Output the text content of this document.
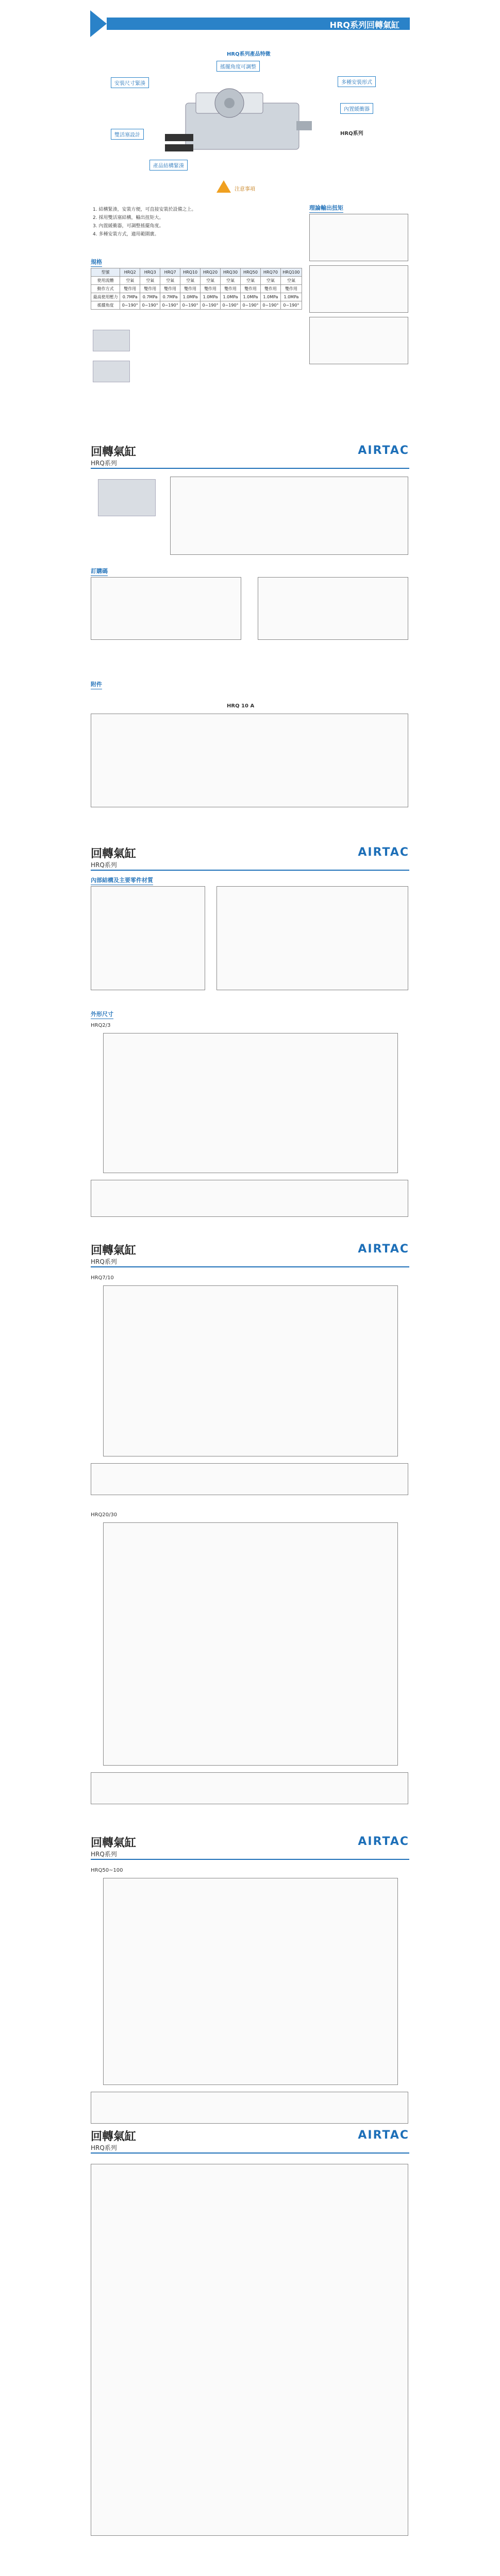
HRQ系列回轉氣缸
HRQ系列產品特徵
搖擺角度可調整
安裝尺寸緊湊	多種安裝形式
內置緩衝器
雙活塞設計
產品結構緊湊
HRQ系列
注意事項
1. 結構緊湊，安裝方便，可直接安裝於設備之上。
2. 採用雙活塞結構，輸出扭矩大。
3. 內置緩衝器，可調整搖擺角度。
4. 多種安裝方式，適用範圍廣。
理論輸出扭矩
規格
型號	HRQ2	HRQ3	HRQ7	HRQ10	HRQ20	HRQ30	HRQ50	HRQ70	HRQ100
使用流體	空氣	空氣	空氣	空氣	空氣	空氣	空氣	空氣	空氣
動作方式	雙作用	雙作用	雙作用	雙作用	雙作用	雙作用	雙作用	雙作用	雙作用
最高使用壓力	0.7MPa	0.7MPa	0.7MPa	1.0MPa	1.0MPa	1.0MPa	1.0MPa	1.0MPa	1.0MPa
搖擺角度	0~190°	0~190°	0~190°	0~190°	0~190°	0~190°	0~190°	0~190°	0~190°
回轉氣缸
HRQ系列
AIRTAC
訂購碼
附件
HRQ 10 A
回轉氣缸
HRQ系列
AIRTAC
內部結構及主要零件材質
外形尺寸
HRQ2/3
回轉氣缸
HRQ系列
AIRTAC
HRQ7/10
HRQ20/30
回轉氣缸
HRQ系列
AIRTAC
HRQ50~100
回轉氣缸
HRQ系列
AIRTAC
